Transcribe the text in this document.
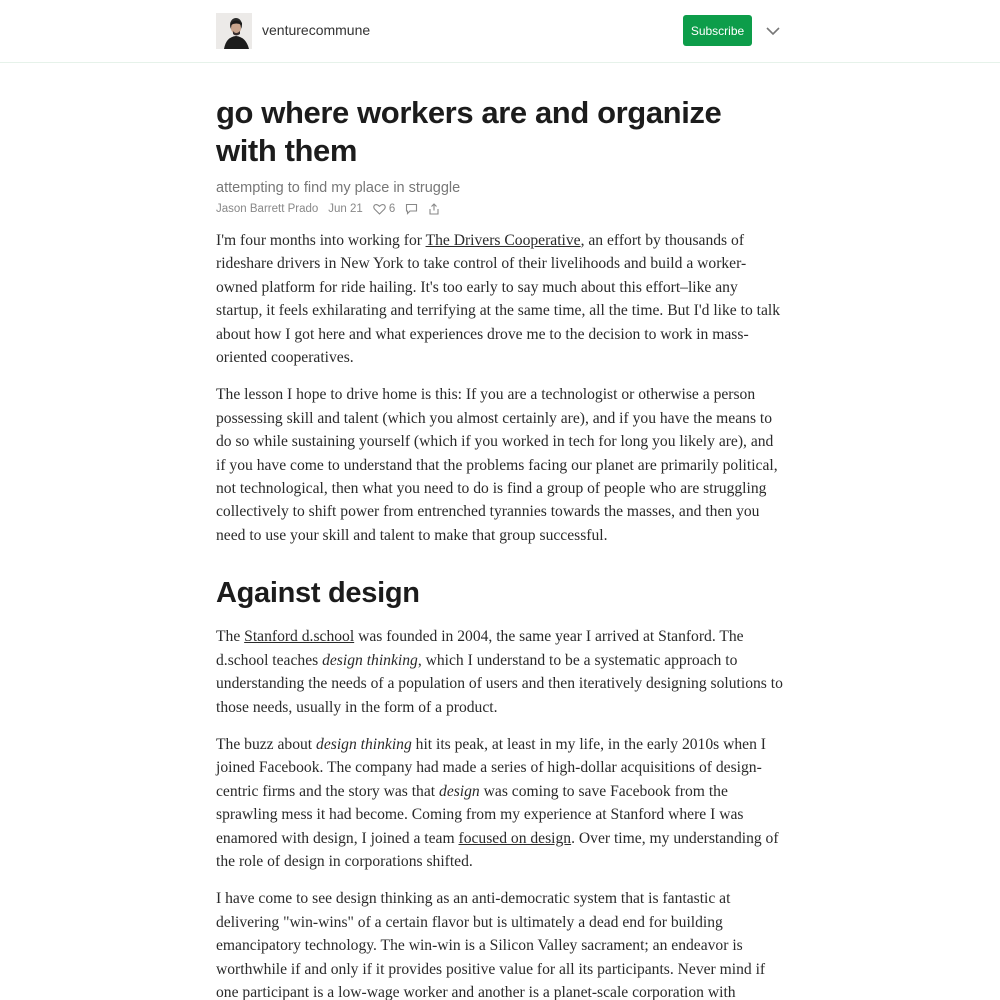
venturecommune	Subscribe
go where workers are and organize with them
attempting to find my place in struggle
Jason Barrett Prado Jun 21 6

I'm four months into working for The Drivers Cooperative, an effort by thousands of rideshare drivers in New York to take control of their livelihoods and build a worker-owned platform for ride hailing. It's too early to say much about this effort–like any startup, it feels exhilarating and terrifying at the same time, all the time. But I'd like to talk about how I got here and what experiences drove me to the decision to work in mass-oriented cooperatives.

The lesson I hope to drive home is this: If you are a technologist or otherwise a person possessing skill and talent (which you almost certainly are), and if you have the means to do so while sustaining yourself (which if you worked in tech for long you likely are), and if you have come to understand that the problems facing our planet are primarily political, not technological, then what you need to do is find a group of people who are struggling collectively to shift power from entrenched tyrannies towards the masses, and then you need to use your skill and talent to make that group successful.

Against design

The Stanford d.school was founded in 2004, the same year I arrived at Stanford. The d.school teaches design thinking, which I understand to be a systematic approach to understanding the needs of a population of users and then iteratively designing solutions to those needs, usually in the form of a product.

The buzz about design thinking hit its peak, at least in my life, in the early 2010s when I joined Facebook. The company had made a series of high-dollar acquisitions of design-centric firms and the story was that design was coming to save Facebook from the sprawling mess it had become. Coming from my experience at Stanford where I was enamored with design, I joined a team focused on design. Over time, my understanding of the role of design in corporations shifted.

I have come to see design thinking as an anti-democratic system that is fantastic at delivering "win-wins" of a certain flavor but is ultimately a dead end for building emancipatory technology. The win-win is a Silicon Valley sacrament; an endeavor is worthwhile if and only if it provides positive value for all its participants. Never mind if one participant is a low-wage worker and another is a planet-scale corporation with
